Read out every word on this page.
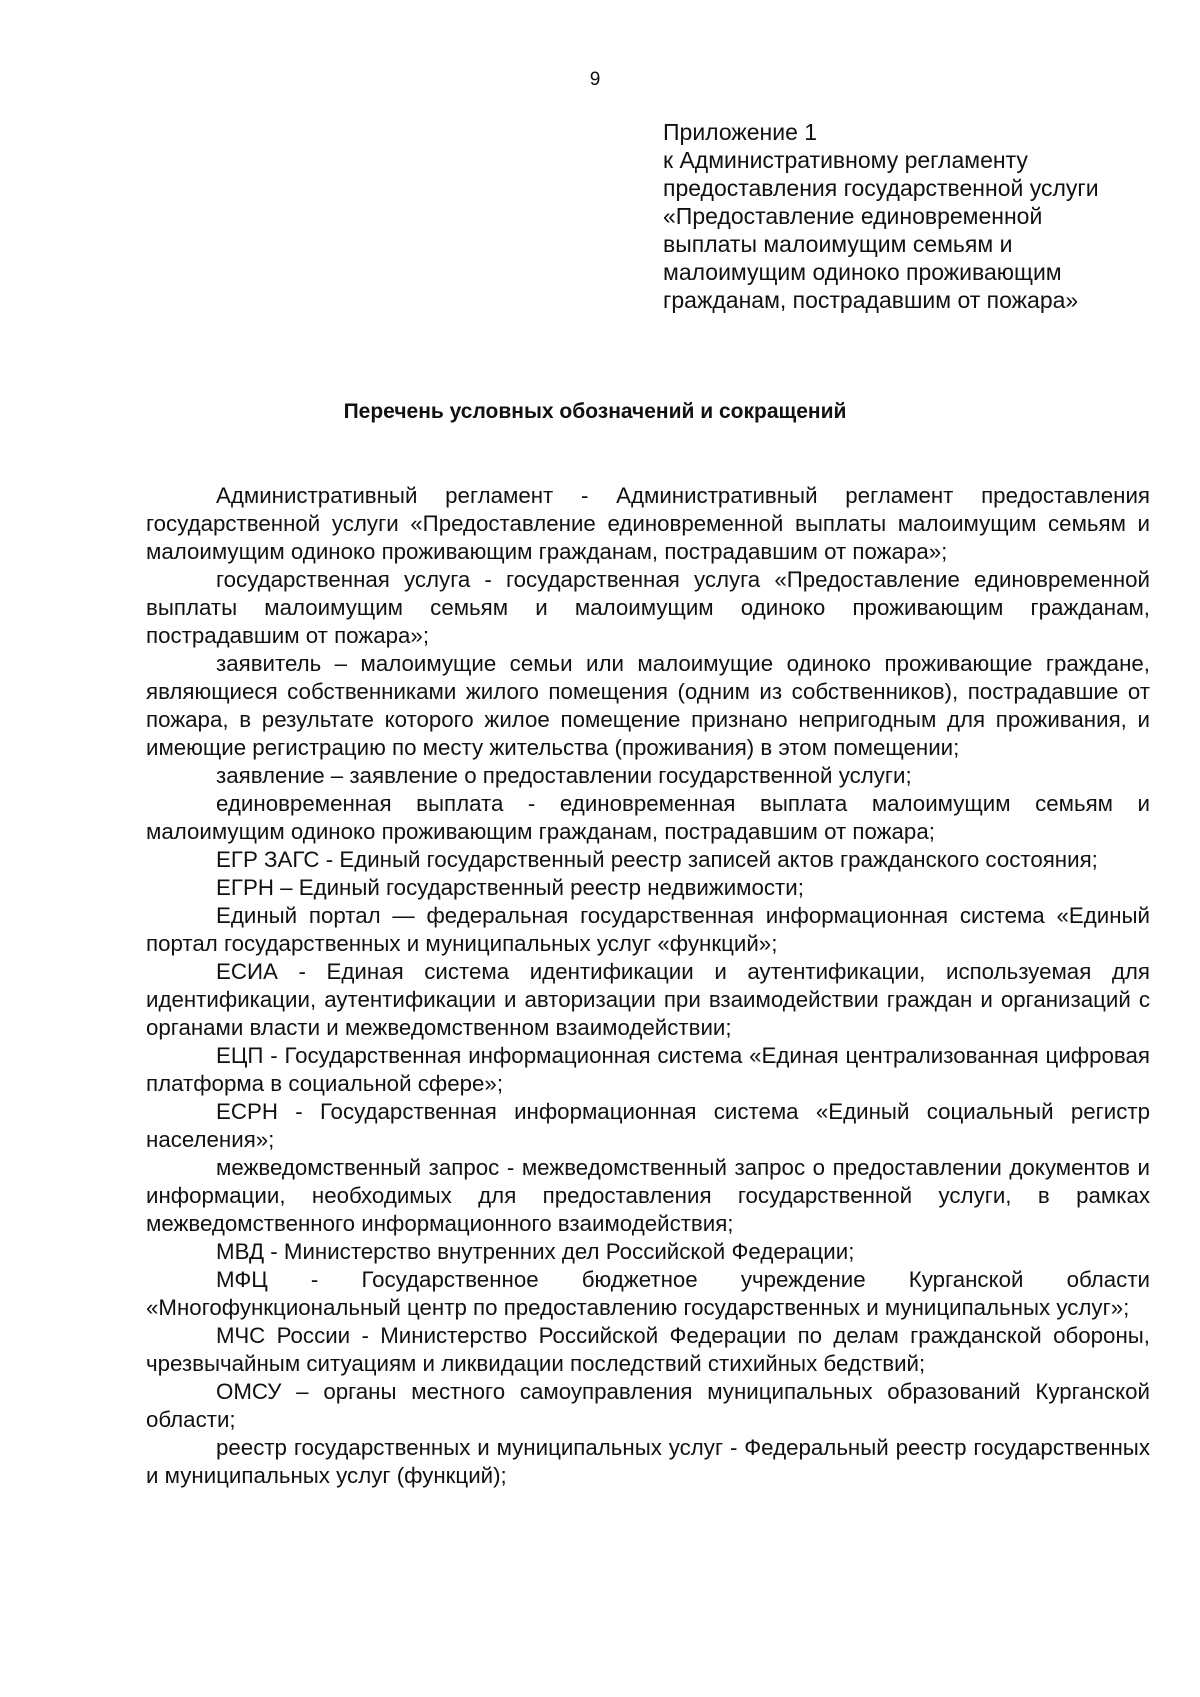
9
Приложение 1
к Административному регламенту
предоставления государственной услуги
«Предоставление единовременной
выплаты малоимущим семьям и
малоимущим одиноко проживающим
гражданам, пострадавшим от пожара»
Перечень условных обозначений и сокращений

Административный регламент - Административный регламент предоставления государственной услуги «Предоставление единовременной выплаты малоимущим семьям и малоимущим одиноко проживающим гражданам, пострадавшим от пожара»;

государственная услуга - государственная услуга «Предоставление единовременной выплаты малоимущим семьям и малоимущим одиноко проживающим гражданам, пострадавшим от пожара»;

заявитель – малоимущие семьи или малоимущие одиноко проживающие граждане, являющиеся собственниками жилого помещения (одним из собственников), пострадавшие от пожара, в результате которого жилое помещение признано непригодным для проживания, и имеющие регистрацию по месту жительства (проживания) в этом помещении;

заявление – заявление о предоставлении государственной услуги;

единовременная выплата - единовременная выплата малоимущим семьям и малоимущим одиноко проживающим гражданам, пострадавшим от пожара;

ЕГР ЗАГС - Единый государственный реестр записей актов гражданского состояния;

ЕГРН – Единый государственный реестр недвижимости;

Единый портал — федеральная государственная информационная система «Единый портал государственных и муниципальных услуг «функций»;

ЕСИА - Единая система идентификации и аутентификации, используемая для идентификации, аутентификации и авторизации при взаимодействии граждан и организаций с органами власти и межведомственном взаимодействии;

ЕЦП - Государственная информационная система «Единая централизованная цифровая платформа в социальной сфере»;

ЕСРН - Государственная информационная система «Единый социальный регистр населения»;

межведомственный запрос - межведомственный запрос о предоставлении документов и информации, необходимых для предоставления государственной услуги, в рамках межведомственного информационного взаимодействия;

МВД - Министерство внутренних дел Российской Федерации;

МФЦ - Государственное бюджетное учреждение Курганской области «Многофункциональный центр по предоставлению государственных и муниципальных услуг»;

МЧС России - Министерство Российской Федерации по делам гражданской обороны, чрезвычайным ситуациям и ликвидации последствий стихийных бедствий;

ОМСУ – органы местного самоуправления муниципальных образований Курганской области;

реестр государственных и муниципальных услуг - Федеральный реестр государственных и муниципальных услуг (функций);
